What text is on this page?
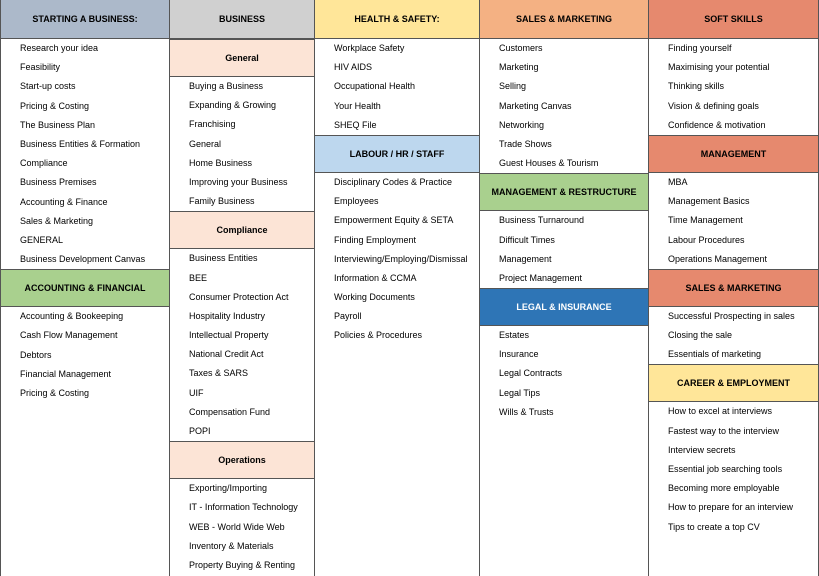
STARTING A BUSINESS:
Research your idea
Feasibility
Start-up costs
Pricing & Costing
The Business Plan
Business Entities & Formation
Compliance
Business Premises
Accounting & Finance
Sales & Marketing
GENERAL
Business Development Canvas
ACCOUNTING & FINANCIAL
Accounting & Bookeeping
Cash Flow Management
Debtors
Financial Management
Pricing & Costing
BUSINESS
General
Buying a Business
Expanding & Growing
Franchising
General
Home Business
Improving your Business
Family Business
Compliance
Business Entities
BEE
Consumer Protection Act
Hospitality Industry
Intellectual Property
National Credit Act
Taxes & SARS
UIF
Compensation Fund
POPI
Operations
Exporting/Importing
IT - Information Technology
WEB - World Wide Web
Inventory & Materials
Property Buying & Renting
HEALTH & SAFETY:
Workplace Safety
HIV AIDS
Occupational Health
Your Health
SHEQ File
LABOUR / HR / STAFF
Disciplinary Codes & Practice
Employees
Empowerment Equity & SETA
Finding Employment
Interviewing/Employing/Dismissal
Information & CCMA
Working Documents
Payroll
Policies & Procedures
SALES & MARKETING
Customers
Marketing
Selling
Marketing Canvas
Networking
Trade Shows
Guest Houses & Tourism
MANAGEMENT & RESTRUCTURE
Business Turnaround
Difficult Times
Management
Project Management
LEGAL & INSURANCE
Estates
Insurance
Legal Contracts
Legal Tips
Wills & Trusts
SOFT SKILLS
Finding yourself
Maximising your potential
Thinking skills
Vision & defining goals
Confidence & motivation
MANAGEMENT
MBA
Management Basics
Time Management
Labour Procedures
Operations Management
SALES & MARKETING
Successful Prospecting in sales
Closing the sale
Essentials of marketing
CAREER & EMPLOYMENT
How to excel at interviews
Fastest way to the interview
Interview secrets
Essential job searching tools
Becoming more employable
How to prepare for an interview
Tips to create a top CV
